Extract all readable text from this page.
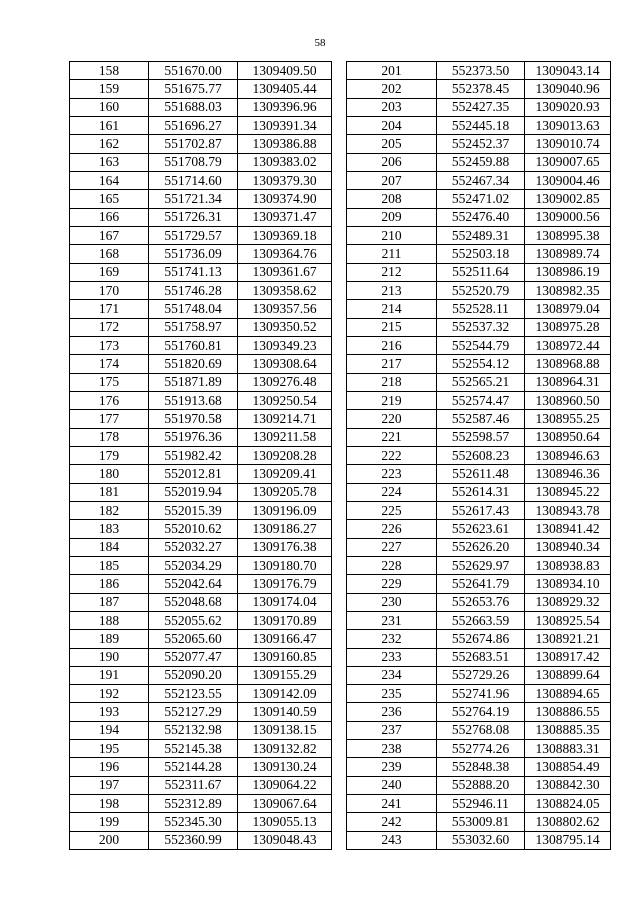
58
158	551670.00	1309409.50
159	551675.77	1309405.44
160	551688.03	1309396.96
161	551696.27	1309391.34
162	551702.87	1309386.88
163	551708.79	1309383.02
164	551714.60	1309379.30
165	551721.34	1309374.90
166	551726.31	1309371.47
167	551729.57	1309369.18
168	551736.09	1309364.76
169	551741.13	1309361.67
170	551746.28	1309358.62
171	551748.04	1309357.56
172	551758.97	1309350.52
173	551760.81	1309349.23
174	551820.69	1309308.64
175	551871.89	1309276.48
176	551913.68	1309250.54
177	551970.58	1309214.71
178	551976.36	1309211.58
179	551982.42	1309208.28
180	552012.81	1309209.41
181	552019.94	1309205.78
182	552015.39	1309196.09
183	552010.62	1309186.27
184	552032.27	1309176.38
185	552034.29	1309180.70
186	552042.64	1309176.79
187	552048.68	1309174.04
188	552055.62	1309170.89
189	552065.60	1309166.47
190	552077.47	1309160.85
191	552090.20	1309155.29
192	552123.55	1309142.09
193	552127.29	1309140.59
194	552132.98	1309138.15
195	552145.38	1309132.82
196	552144.28	1309130.24
197	552311.67	1309064.22
198	552312.89	1309067.64
199	552345.30	1309055.13
200	552360.99	1309048.43
201	552373.50	1309043.14
202	552378.45	1309040.96
203	552427.35	1309020.93
204	552445.18	1309013.63
205	552452.37	1309010.74
206	552459.88	1309007.65
207	552467.34	1309004.46
208	552471.02	1309002.85
209	552476.40	1309000.56
210	552489.31	1308995.38
211	552503.18	1308989.74
212	552511.64	1308986.19
213	552520.79	1308982.35
214	552528.11	1308979.04
215	552537.32	1308975.28
216	552544.79	1308972.44
217	552554.12	1308968.88
218	552565.21	1308964.31
219	552574.47	1308960.50
220	552587.46	1308955.25
221	552598.57	1308950.64
222	552608.23	1308946.63
223	552611.48	1308946.36
224	552614.31	1308945.22
225	552617.43	1308943.78
226	552623.61	1308941.42
227	552626.20	1308940.34
228	552629.97	1308938.83
229	552641.79	1308934.10
230	552653.76	1308929.32
231	552663.59	1308925.54
232	552674.86	1308921.21
233	552683.51	1308917.42
234	552729.26	1308899.64
235	552741.96	1308894.65
236	552764.19	1308886.55
237	552768.08	1308885.35
238	552774.26	1308883.31
239	552848.38	1308854.49
240	552888.20	1308842.30
241	552946.11	1308824.05
242	553009.81	1308802.62
243	553032.60	1308795.14
